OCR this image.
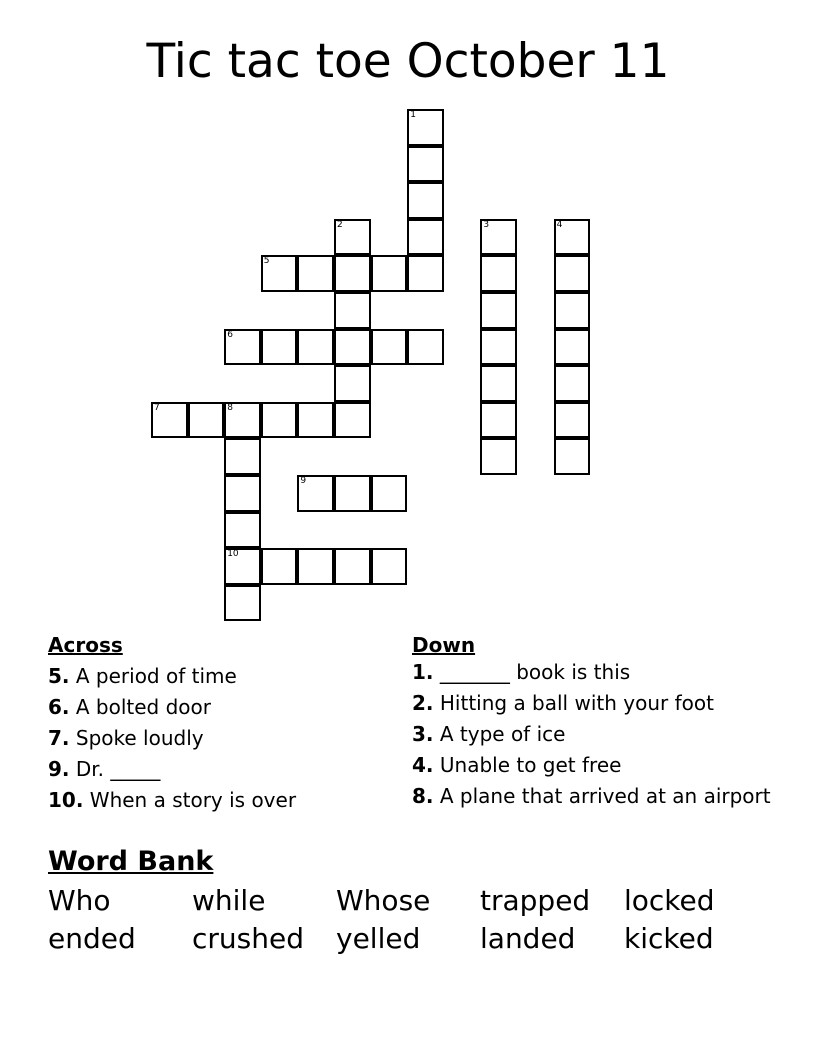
Tic tac toe October 11
1
2	3	4
5
6
7	8
10
9
Across
5. A period of time
6. A bolted door
7. Spoke loudly
9. Dr. _____
10. When a story is over
Down
1. _______ book is this
2. Hitting a ball with your foot
3. A type of ice
4. Unable to get free
8. A plane that arrived at an airport
Word Bank
Who	while	Whose	trapped	locked
ended	crushed	yelled	landed	kicked
